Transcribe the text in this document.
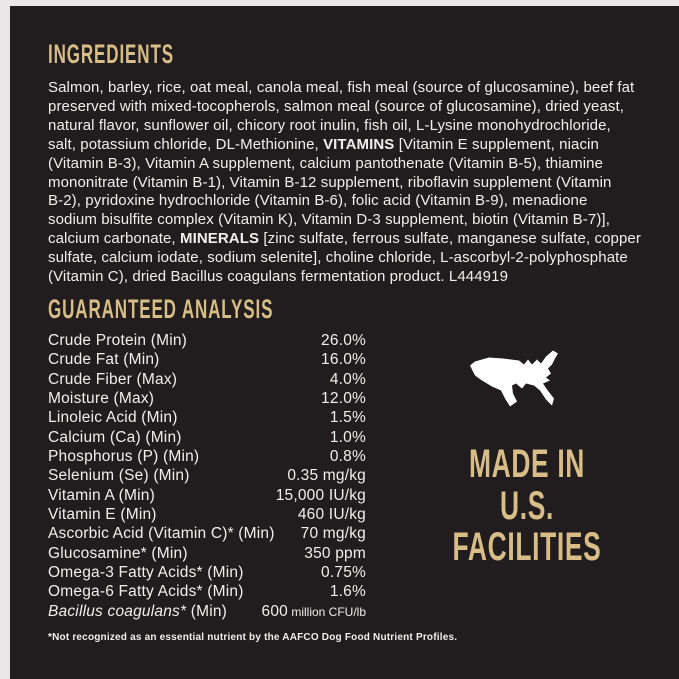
INGREDIENTS
Salmon, barley, rice, oat meal, canola meal, fish meal (source of glucosamine), beef fat
preserved with mixed-tocopherols, salmon meal (source of glucosamine), dried yeast,
natural flavor, sunflower oil, chicory root inulin, fish oil, L-Lysine monohydrochloride,
salt, potassium chloride, DL-Methionine, VITAMINS [Vitamin E supplement, niacin
(Vitamin B-3), Vitamin A supplement, calcium pantothenate (Vitamin B-5), thiamine
mononitrate (Vitamin B-1), Vitamin B-12 supplement, riboflavin supplement (Vitamin
B-2), pyridoxine hydrochloride (Vitamin B-6), folic acid (Vitamin B-9), menadione
sodium bisulfite complex (Vitamin K), Vitamin D-3 supplement, biotin (Vitamin B-7)],
calcium carbonate, MINERALS [zinc sulfate, ferrous sulfate, manganese sulfate, copper
sulfate, calcium iodate, sodium selenite], choline chloride, L-ascorbyl-2-polyphosphate
(Vitamin C), dried Bacillus coagulans fermentation product. L444919
GUARANTEED ANALYSIS
Crude Protein (Min)	26.0%
Crude Fat (Min)	16.0%
Crude Fiber (Max)	4.0%
Moisture (Max)	12.0%
Linoleic Acid (Min)	1.5%
Calcium (Ca) (Min)	1.0%
Phosphorus (P) (Min)	0.8%
Selenium (Se) (Min)	0.35 mg/kg
Vitamin A (Min)	15,000 IU/kg
Vitamin E (Min)	460 IU/kg
Ascorbic Acid (Vitamin C)* (Min) 70 mg/kg
Glucosamine* (Min)	350 ppm
Omega-3 Fatty Acids* (Min)	0.75%
Omega-6 Fatty Acids* (Min)	1.6%
Bacillus coagulans* (Min) 600 million CFU/lb
*Not recognized as an essential nutrient by the AAFCO Dog Food Nutrient Profiles.
MADE IN
U.S.
FACILITIES
